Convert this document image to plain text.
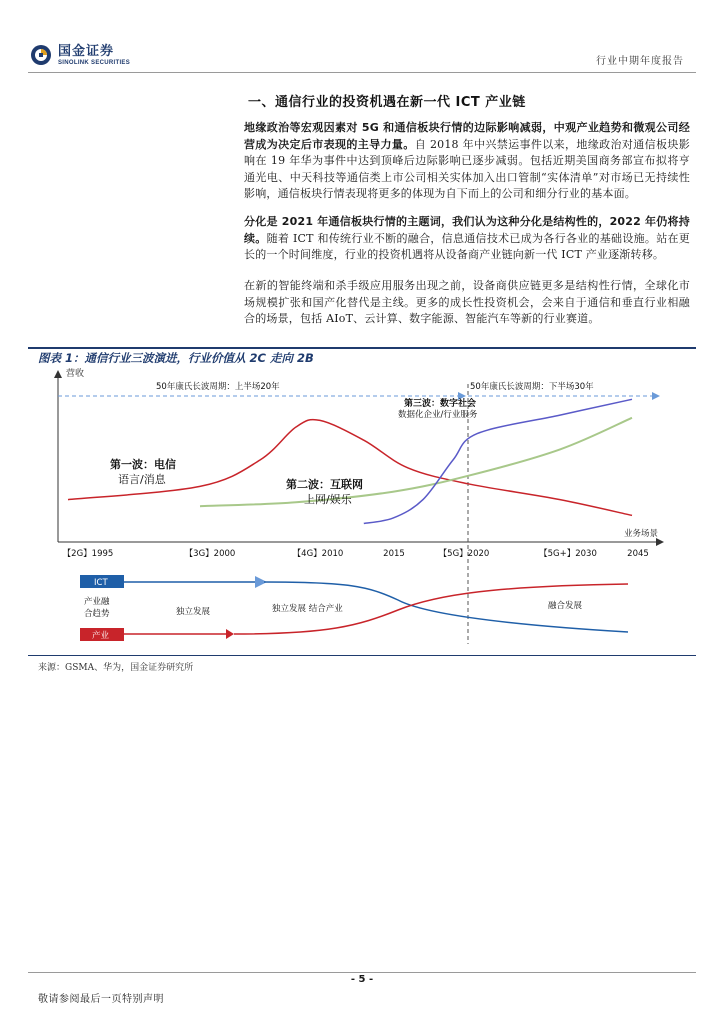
国金证券
SINOLINK SECURITIES	行业中期年度报告
一、通信行业的投资机遇在新一代 ICT 产业链
地缘政治等宏观因素对 5G 和通信板块行情的边际影响减弱，中观产业趋势和微观公司经营成为决定后市表现的主导力量。自 2018 年中兴禁运事件以来，地缘政治对通信板块影响在 19 年华为事件中达到顶峰后边际影响已逐步减弱。包括近期美国商务部宣布拟将亨通光电、中天科技等通信类上市公司相关实体加入出口管制“实体清单”对市场已无持续性影响，通信板块行情表现将更多的体现为自下而上的公司和细分行业的基本面。
分化是 2021 年通信板块行情的主题词，我们认为这种分化是结构性的，2022 年仍将持续。随着 ICT 和传统行业不断的融合，信息通信技术已成为各行各业的基础设施。站在更长的一个时间维度，行业的投资机遇将从设备商产业链向新一代 ICT 产业逐渐转移。
在新的智能终端和杀手级应用服务出现之前，设备商供应链更多是结构性行情，全球化市场规模扩张和国产化替代是主线。更多的成长性投资机会，会来自于通信和垂直行业相融合的场景，包括 AIoT、云计算、数字能源、智能汽车等新的行业赛道。
图表 1：通信行业三波演进，行业价值从 2C 走向 2B
营收
业务场景
50年康氏长波周期：上半场20年	50年康氏长波周期：下半场30年
第一波：电信
语言/消息	第二波：互联网
上网/娱乐
第三波：数字社会
数据化企业/行业服务
【2G】1995	【3G】2000	【4G】2010	2015	【5G】2020	【5G+】2030	2045
ICT
产业
产业融
合趋势	独立发展	独立发展 结合产业	融合发展
来源：GSMA、华为，国金证券研究所
- 5 -
敬请参阅最后一页特别声明
